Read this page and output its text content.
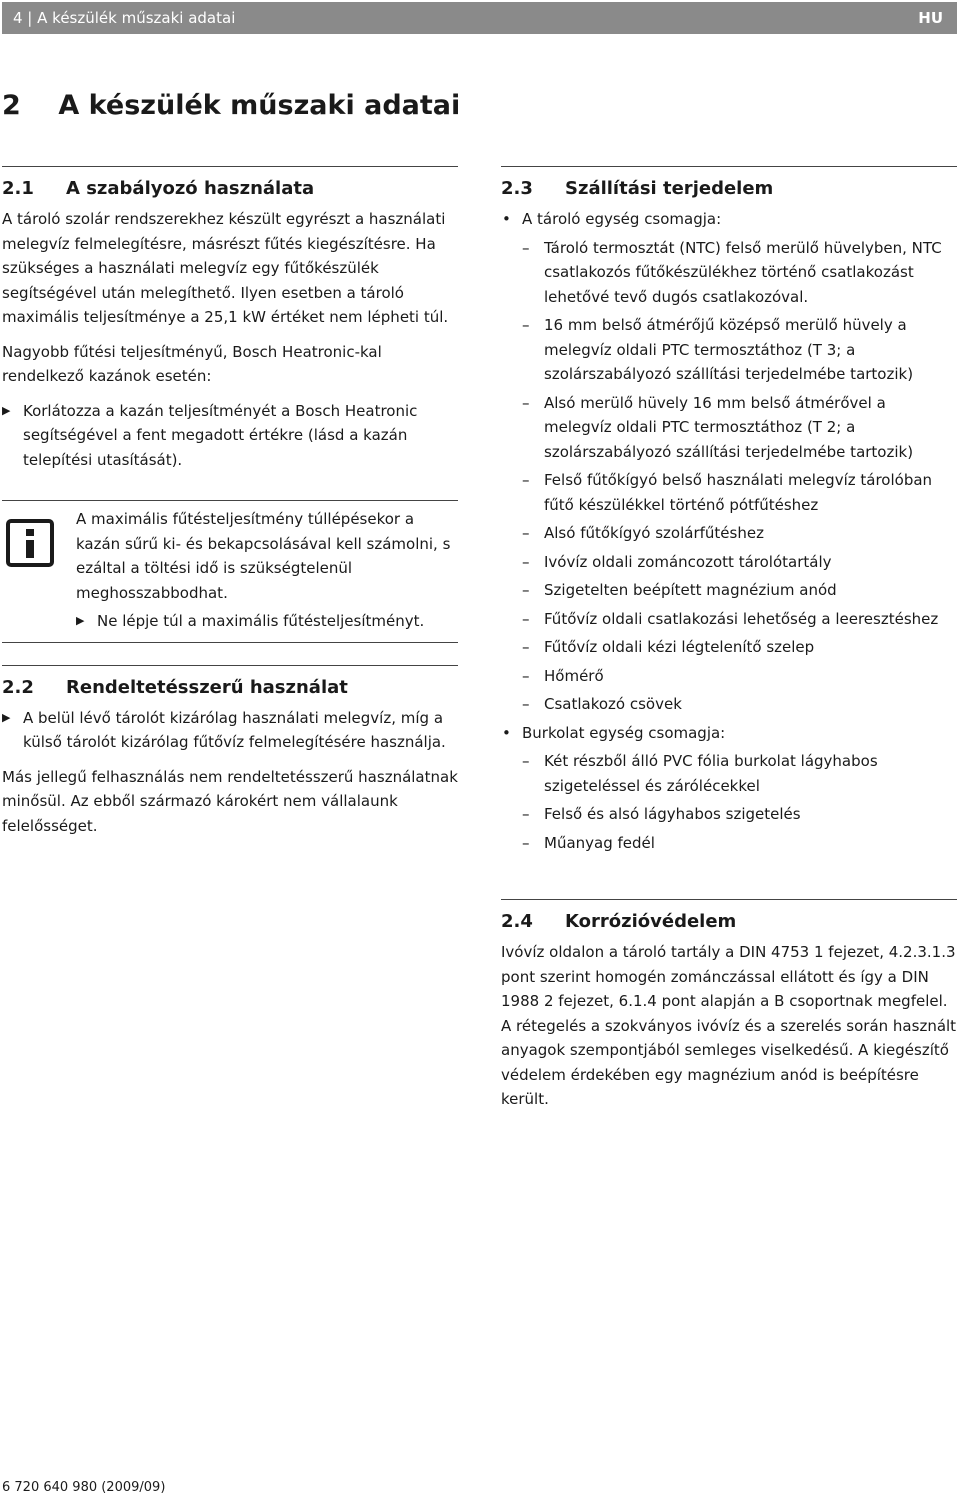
4 | A készülék műszaki adatai	HU
2    A készülék műszaki adatai
2.1 A szabályozó használata

A tároló szolár rendszerekhez készült egyrészt a használati melegvíz felmelegítésre, másrészt fűtés kiegészítésre. Ha szükséges a használati melegvíz egy fűtőkészülék segítségével után melegíthető. Ilyen esetben a tároló maximális teljesítménye a 25,1 kW értéket nem lépheti túl.

Nagyobb fűtési teljesítményű, Bosch Heatronic-kal rendelkező kazánok esetén:

▶ Korlátozza a kazán teljesítményét a Bosch Heatronic segítségével a fent megadott értékre (lásd a kazán telepítési utasítását).

A maximális fűtésteljesítmény túllépésekor a kazán sűrű ki- és bekapcsolásával kell számolni, s ezáltal a töltési idő is szükségtelenül meghosszabbodhat.

▶ Ne lépje túl a maximális fűtésteljesítményt.
2.2 Rendeltetésszerű használat
▶ A belül lévő tárolót kizárólag használati melegvíz, míg a külső tárolót kizárólag fűtővíz felmelegítésére használja.

Más jellegű felhasználás nem rendeltetésszerű használatnak minősül. Az ebből származó károkért nem vállalaunk felelősséget.

2.3 Szállítási terjedelem
• A tároló egység csomagja:
– Tároló termosztát (NTC) felső merülő hüvelyben, NTC csatlakozós fűtőkészülékhez történő csatlakozást lehetővé tevő dugós csatlakozóval.
– 16 mm belső átmérőjű középső merülő hüvely a melegvíz oldali PTC termosztáthoz (T 3; a szolárszabályozó szállítási terjedelmébe tartozik)
– Alsó merülő hüvely 16 mm belső átmérővel a melegvíz oldali PTC termosztáthoz (T 2; a szolárszabályozó szállítási terjedelmébe tartozik)
– Felső fűtőkígyó belső használati melegvíz tárolóban fűtő készülékkel történő pótfűtéshez
– Alsó fűtőkígyó szolárfűtéshez
– Ivóvíz oldali zománcozott tárolótartály
– Szigetelten beépített magnézium anód
– Fűtővíz oldali csatlakozási lehetőség a leeresztéshez
– Fűtővíz oldali kézi légtelenítő szelep
– Hőmérő
– Csatlakozó csövek
• Burkolat egység csomagja:
– Két részből álló PVC fólia burkolat lágyhabos szigeteléssel és zárólécekkel
– Felső és alsó lágyhabos szigetelés
– Műanyag fedél
2.4 Korrózióvédelem

Ivóvíz oldalon a tároló tartály a DIN 4753 1 fejezet, 4.2.3.1.3 pont szerint homogén zománczással ellátott és így a DIN 1988 2 fejezet, 6.1.4 pont alapján a B csoportnak megfelel. A rétegelés a szokványos ivóvíz és a szerelés során használt anyagok szempontjából semleges viselkedésű. A kiegészítő védelem érdekében egy magnézium anód is beépítésre került.

6 720 640 980 (2009/09)
